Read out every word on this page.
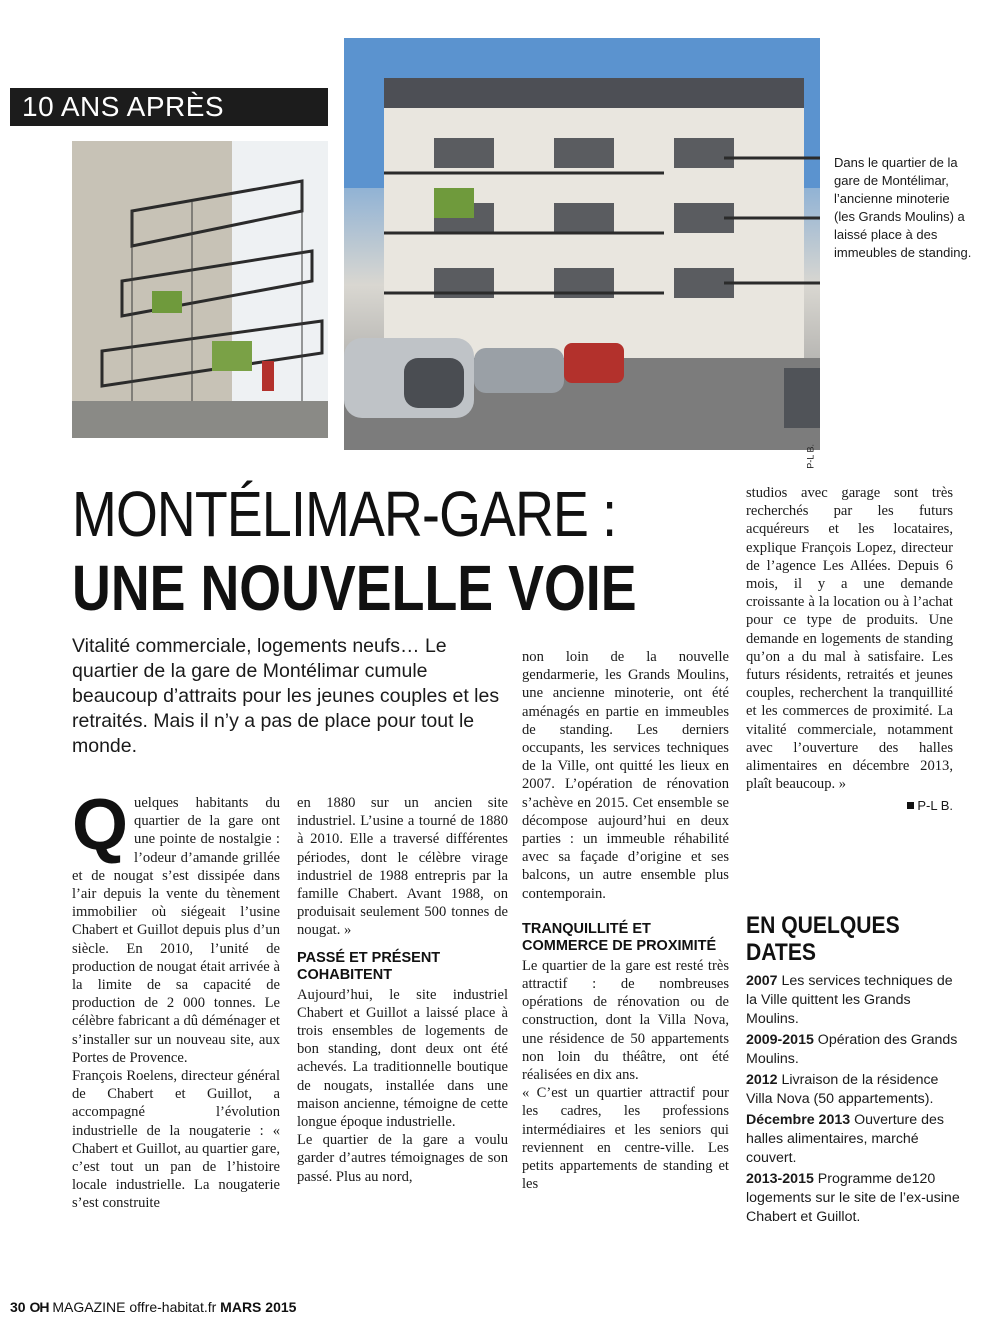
10 ANS APRÈS
P-L B.
Dans le quartier de la gare de Montélimar, l’ancienne minoterie (les Grands Moulins) a laissé place à des immeubles de standing.
MONTÉLIMAR-GARE :
UNE NOUVELLE VOIE
Vitalité commerciale, logements neufs… Le quartier de la gare de Montélimar cumule beaucoup d’attraits pour les jeunes couples et les retraités. Mais il n’y a pas de place pour tout le monde.
Q uelques habitants du quartier de la gare ont une pointe de nostalgie : l’odeur d’amande grillée et de nougat s’est dissipée dans l’air depuis la vente du tènement immobilier où siégeait l’usine Chabert et Guillot depuis plus d’un siècle. En 2010, l’unité de production de nougat était arrivée à la limite de sa capacité de production de 2 000 tonnes. Le célèbre fabricant a dû déménager et s’installer sur un nouveau site, aux Portes de Provence.

François Roelens, directeur général de Chabert et Guillot, a accompagné l’évolution industrielle de la nougaterie : « Chabert et Guillot, au quartier gare, c’est tout un pan de l’histoire locale industrielle. La nougaterie s’est construite

en 1880 sur un ancien site industriel. L’usine a tourné de 1880 à 2010. Elle a traversé différentes périodes, dont le célèbre virage industriel de 1988 entrepris par la famille Chabert. Avant 1988, on produisait seulement 500 tonnes de nougat. »

PASSÉ ET PRÉSENT COHABITENT

Aujourd’hui, le site industriel Chabert et Guillot a laissé place à trois ensembles de logements de bon standing, dont deux ont été achevés. La traditionnelle boutique de nougats, installée dans une maison ancienne, témoigne de cette longue époque industrielle.

Le quartier de la gare a voulu garder d’autres témoignages de son passé. Plus au nord,

non loin de la nouvelle gendarmerie, les Grands Moulins, une ancienne minoterie, ont été aménagés en partie en immeubles de standing. Les derniers occupants, les services techniques de la Ville, ont quitté les lieux en 2007. L’opération de rénovation s’achève en 2015. Cet ensemble se décompose aujourd’hui en deux parties : un immeuble réhabilité avec sa façade d’origine et ses balcons, un autre ensemble plus contemporain.

TRANQUILLITÉ ET COMMERCE DE PROXIMITÉ

Le quartier de la gare est resté très attractif : de nombreuses opérations de rénovation ou de construction, dont la Villa Nova, une résidence de 50 appartements non loin du théâtre, ont été réalisées en dix ans.

« C’est un quartier attractif pour les cadres, les professions intermédiaires et les seniors qui reviennent en centre-ville. Les petits appartements de standing et les

studios avec garage sont très recherchés par les futurs acquéreurs et les locataires, explique François Lopez, directeur de l’agence Les Allées. Depuis 6 mois, il y a une demande croissante à la location ou à l’achat pour ce type de produits. Une demande en logements de standing qu’on a du mal à satisfaire. Les futurs résidents, retraités et jeunes couples, recherchent la tranquillité et les commerces de proximité. La vitalité commerciale, notamment avec l’ouverture des halles alimentaires en décembre 2013, plaît beaucoup. »

P-L B.
EN QUELQUES DATES
2007 Les services techniques de la Ville quittent les Grands Moulins.
2009-2015 Opération des Grands Moulins.
2012 Livraison de la résidence Villa Nova (50 appartements).
Décembre 2013 Ouverture des halles alimentaires, marché couvert.
2013-2015 Programme de120 logements sur le site de l’ex-usine Chabert et Guillot.
30 OH MAGAZINE offre-habitat.fr MARS 2015
